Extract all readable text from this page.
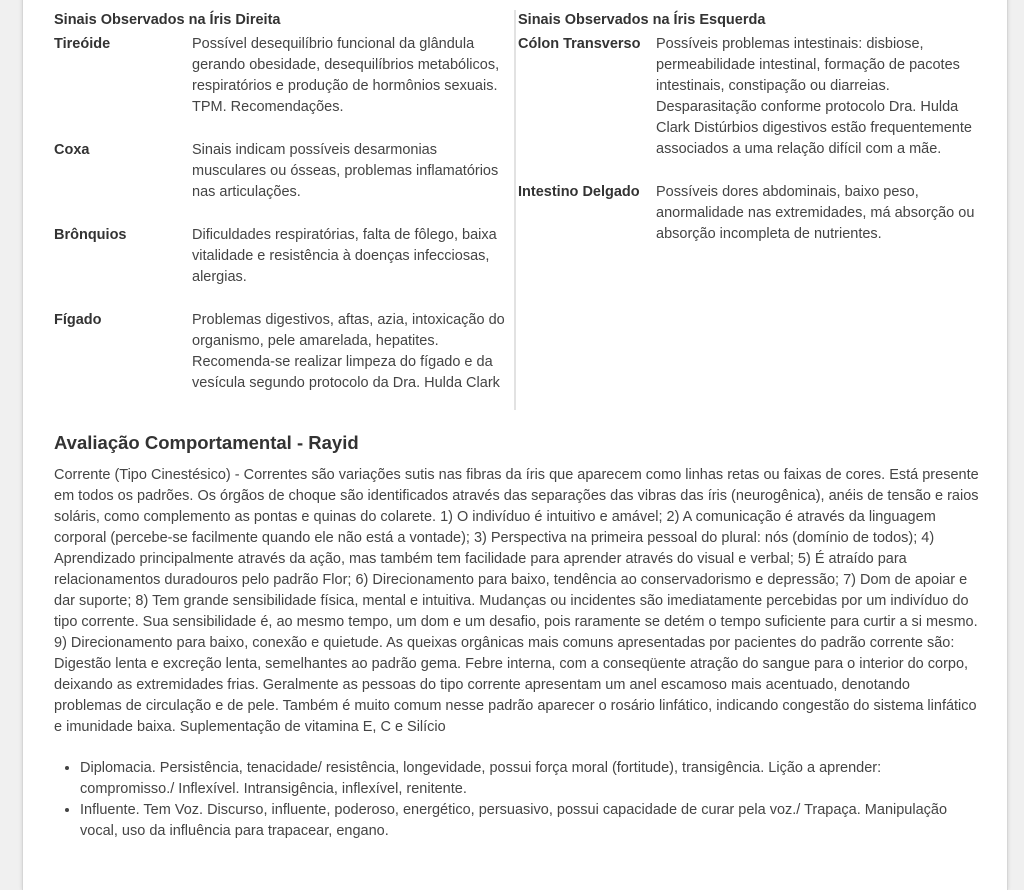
Sinais Observados na Íris Direita
Tireóide	Possível desequilíbrio funcional da glândula gerando obesidade, desequilíbrios metabólicos, respiratórios e produção de hormônios sexuais. TPM. Recomendações.
Coxa	Sinais indicam possíveis desarmonias musculares ou ósseas, problemas inflamatórios nas articulações.
Brônquios	Dificuldades respiratórias, falta de fôlego, baixa vitalidade e resistência à doenças infecciosas, alergias.
Fígado	Problemas digestivos, aftas, azia, intoxicação do organismo, pele amarelada, hepatites. Recomenda-se realizar limpeza do fígado e da vesícula segundo protocolo da Dra. Hulda Clark
Sinais Observados na Íris Esquerda
Cólon Transverso	Possíveis problemas intestinais: disbiose, permeabilidade intestinal, formação de pacotes intestinais, constipação ou diarreias. Desparasitação conforme protocolo Dra. Hulda Clark Distúrbios digestivos estão frequentemente associados a uma relação difícil com a mãe.
Intestino Delgado	Possíveis dores abdominais, baixo peso, anormalidade nas extremidades, má absorção ou absorção incompleta de nutrientes.
Avaliação Comportamental - Rayid

Corrente (Tipo Cinestésico) - Correntes são variações sutis nas fibras da íris que aparecem como linhas retas ou faixas de cores. Está presente em todos os padrões. Os órgãos de choque são identificados através das separações das vibras das íris (neurogênica), anéis de tensão e raios soláris, como complemento as pontas e quinas do colarete. 1) O indivíduo é intuitivo e amável; 2) A comunicação é através da linguagem corporal (percebe-se facilmente quando ele não está a vontade); 3) Perspectiva na primeira pessoal do plural: nós (domínio de todos); 4) Aprendizado principalmente através da ação, mas também tem facilidade para aprender através do visual e verbal; 5) É atraído para relacionamentos duradouros pelo padrão Flor; 6) Direcionamento para baixo, tendência ao conservadorismo e depressão; 7) Dom de apoiar e dar suporte; 8) Tem grande sensibilidade física, mental e intuitiva. Mudanças ou incidentes são imediatamente percebidas por um indivíduo do tipo corrente. Sua sensibilidade é, ao mesmo tempo, um dom e um desafio, pois raramente se detém o tempo suficiente para curtir a si mesmo. 9) Direcionamento para baixo, conexão e quietude. As queixas orgânicas mais comuns apresentadas por pacientes do padrão corrente são: Digestão lenta e excreção lenta, semelhantes ao padrão gema. Febre interna, com a conseqüente atração do sangue para o interior do corpo, deixando as extremidades frias. Geralmente as pessoas do tipo corrente apresentam um anel escamoso mais acentuado, denotando problemas de circulação e de pele. Também é muito comum nesse padrão aparecer o rosário linfático, indicando congestão do sistema linfático e imunidade baixa. Suplementação de vitamina E, C e Silício

• Diplomacia. Persistência, tenacidade/ resistência, longevidade, possui força moral (fortitude), transigência. Lição a aprender: compromisso./ Inflexível. Intransigência, inflexível, renitente.
• Influente. Tem Voz. Discurso, influente, poderoso, energético, persuasivo, possui capacidade de curar pela voz./ Trapaça. Manipulação vocal, uso da influência para trapacear, engano.
